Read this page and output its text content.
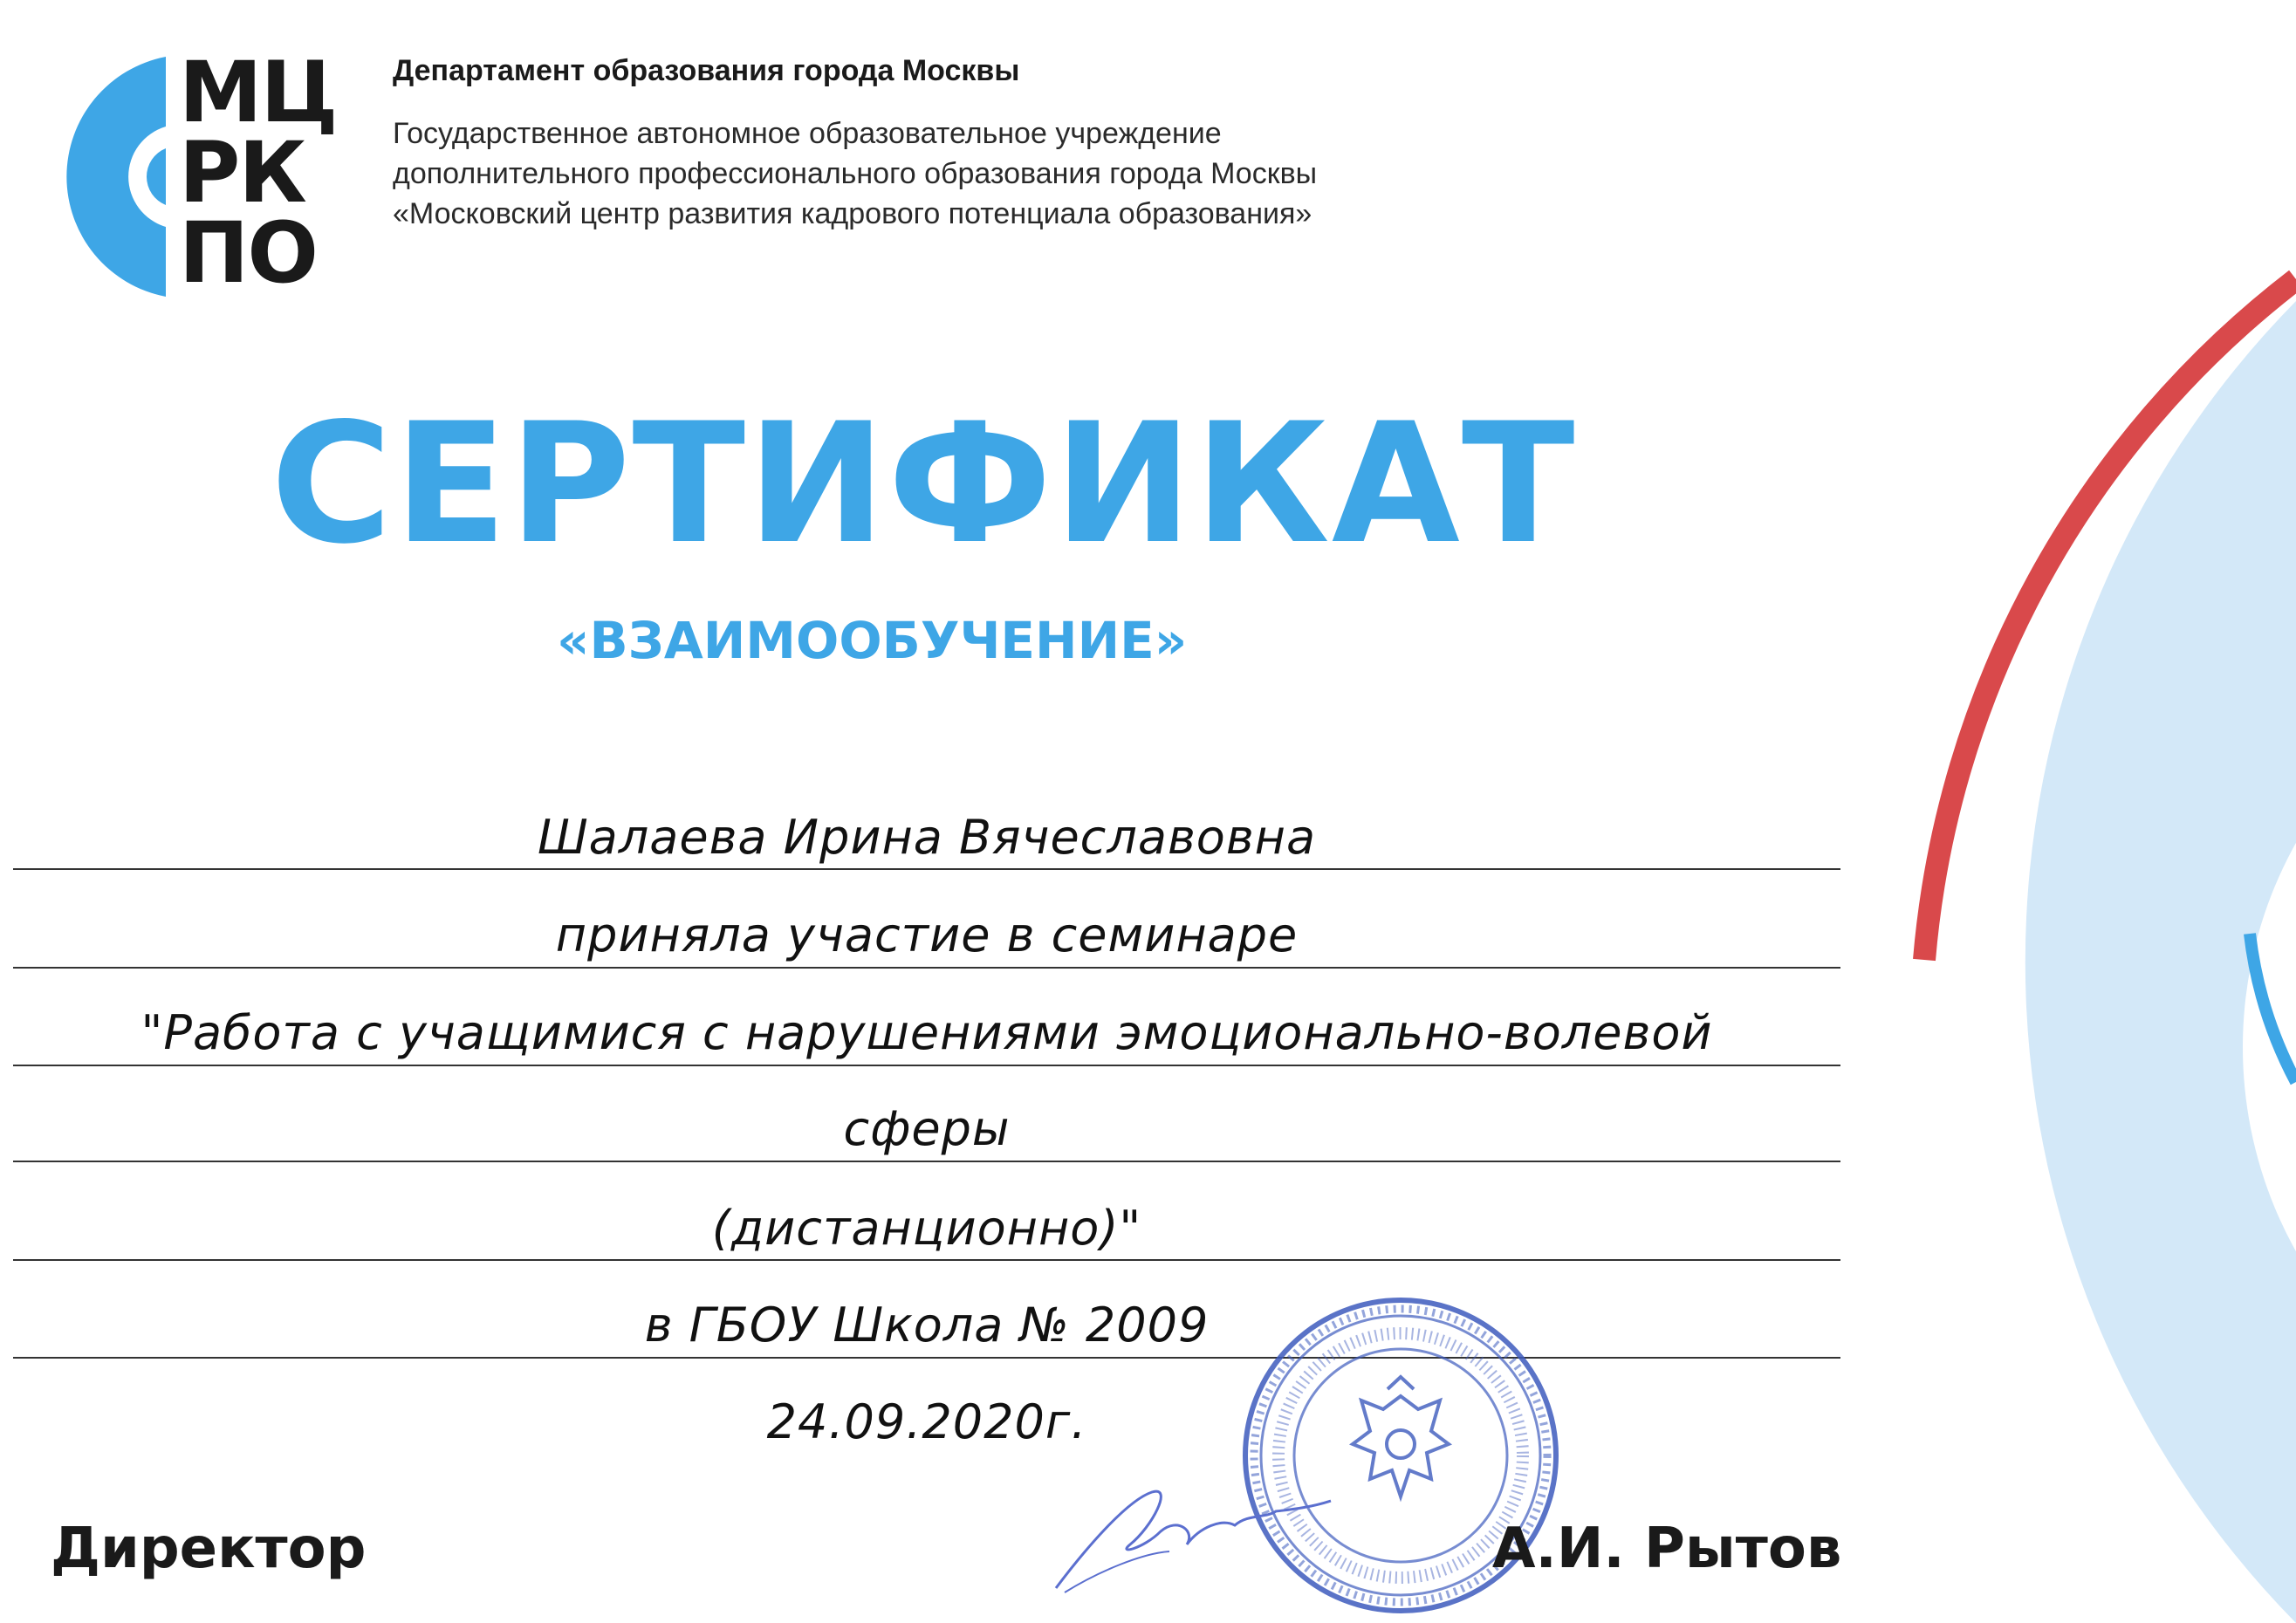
МЦ
РК
ПО
Департамент образования города Москвы
Государственное автономное образовательное учреждение
дополнительного профессионального образования города Москвы
«Московский центр развития кадрового потенциала образования»
СЕРТИФИКАТ
«ВЗАИМООБУЧЕНИЕ»
Шалаева Ирина Вячеславовна
приняла участие в семинаре
"Работа с учащимися с нарушениями эмоционально-волевой
сферы
(дистанционно)"
в ГБОУ Школа № 2009
24.09.2020г.
Директор	А.И. Рытов
